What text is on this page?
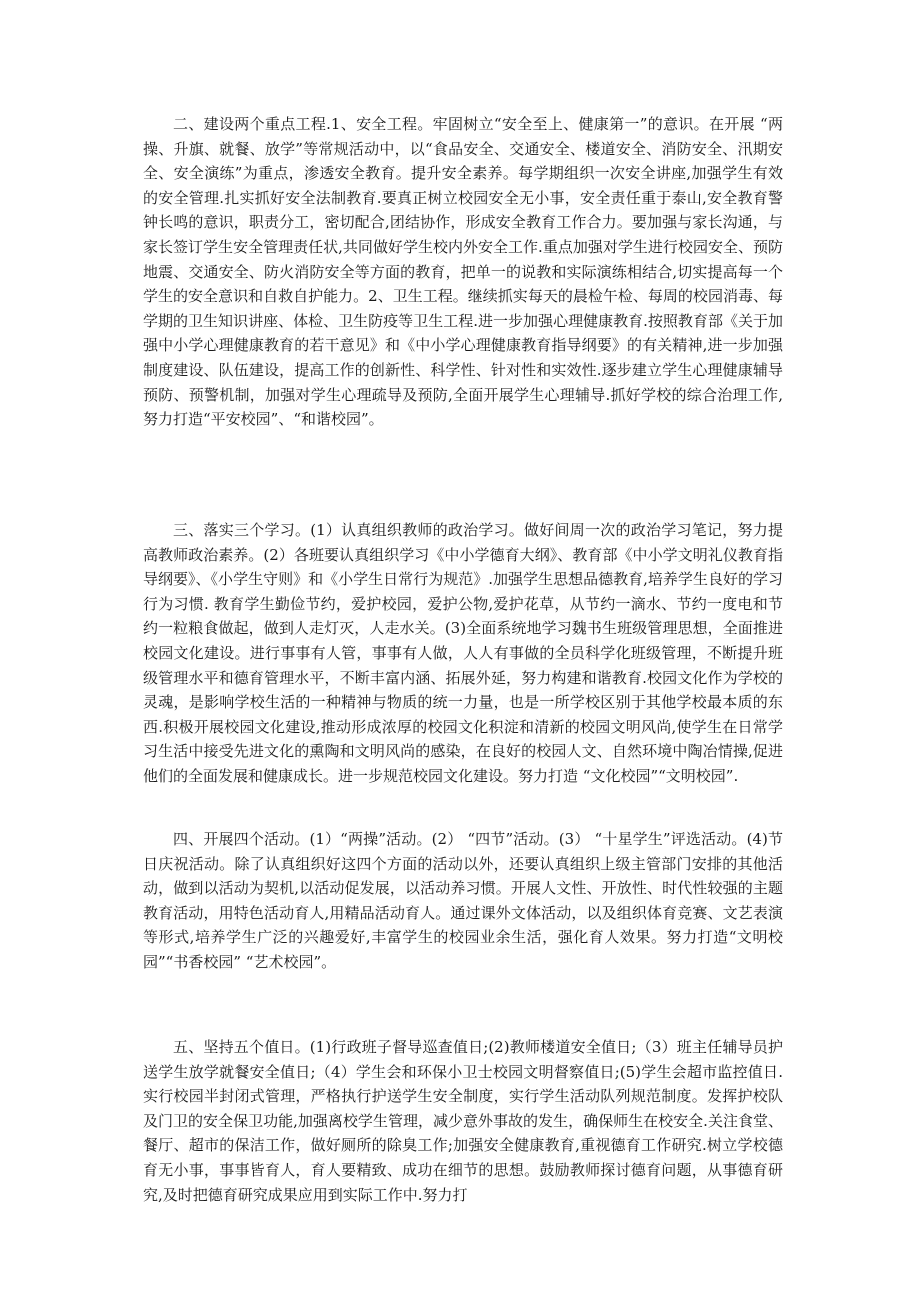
二、建设两个重点工程.1、安全工程。牢固树立“安全至上、健康第一”的意识。在开展 “两操、升旗、就餐、放学”等常规活动中，以“食品安全、交通安全、楼道安全、消防安全、汛期安全、安全演练”为重点，渗透安全教育。提升安全素养。每学期组织一次安全讲座,加强学生有效的安全管理.扎实抓好安全法制教育.要真正树立校园安全无小事，安全责任重于泰山,安全教育警钟长鸣的意识，职责分工，密切配合,团结协作，形成安全教育工作合力。要加强与家长沟通，与家长签订学生安全管理责任状,共同做好学生校内外安全工作.重点加强对学生进行校园安全、预防地震、交通安全、防火消防安全等方面的教育，把单一的说教和实际演练相结合,切实提高每一个学生的安全意识和自救自护能力。2、卫生工程。继续抓实每天的晨检午检、每周的校园消毒、每学期的卫生知识讲座、体检、卫生防疫等卫生工程.进一步加强心理健康教育.按照教育部《关于加强中小学心理健康教育的若干意见》和《中小学心理健康教育指导纲要》的有关精神,进一步加强制度建设、队伍建设，提高工作的创新性、科学性、针对性和实效性.逐步建立学生心理健康辅导预防、预警机制，加强对学生心理疏导及预防,全面开展学生心理辅导.抓好学校的综合治理工作,努力打造“平安校园”、“和谐校园”。

三、落实三个学习。(1）认真组织教师的政治学习。做好间周一次的政治学习笔记，努力提高教师政治素养。(2）各班要认真组织学习《中小学德育大纲》、教育部《中小学文明礼仪教育指导纲要》、《小学生守则》和《小学生日常行为规范》.加强学生思想品德教育,培养学生良好的学习行为习惯. 教育学生勤俭节约，爱护校园，爱护公物,爱护花草，从节约一滴水、节约一度电和节约一粒粮食做起，做到人走灯灭，人走水关。(3)全面系统地学习魏书生班级管理思想，全面推进校园文化建设。进行事事有人管，事事有人做，人人有事做的全员科学化班级管理，不断提升班级管理水平和德育管理水平，不断丰富内涵、拓展外延，努力构建和谐教育.校园文化作为学校的灵魂，是影响学校生活的一种精神与物质的统一力量，也是一所学校区别于其他学校最本质的东西.积极开展校园文化建设,推动形成浓厚的校园文化积淀和清新的校园文明风尚,使学生在日常学习生活中接受先进文化的熏陶和文明风尚的感染，在良好的校园人文、自然环境中陶冶情操,促进他们的全面发展和健康成长。进一步规范校园文化建设。努力打造 “文化校园”“文明校园”.

四、开展四个活动。(1）“两操”活动。(2） “四节”活动。(3） “十星学生”评选活动。(4)节日庆祝活动。除了认真组织好这四个方面的活动以外，还要认真组织上级主管部门安排的其他活动，做到以活动为契机,以活动促发展，以活动养习惯。开展人文性、开放性、时代性较强的主题教育活动，用特色活动育人,用精品活动育人。通过课外文体活动，以及组织体育竞赛、文艺表演等形式,培养学生广泛的兴趣爱好,丰富学生的校园业余生活，强化育人效果。努力打造“文明校园”“书香校园” “艺术校园”。

五、坚持五个值日。(1)行政班子督导巡查值日;(2)教师楼道安全值日;（3）班主任辅导员护送学生放学就餐安全值日;（4）学生会和环保小卫士校园文明督察值日;(5)学生会超市监控值日.实行校园半封闭式管理，严格执行护送学生安全制度，实行学生活动队列规范制度。发挥护校队及门卫的安全保卫功能,加强离校学生管理，减少意外事故的发生，确保师生在校安全.关注食堂、餐厅、超市的保洁工作，做好厕所的除臭工作;加强安全健康教育,重视德育工作研究.树立学校德育无小事，事事皆育人，育人要精致、成功在细节的思想。鼓励教师探讨德育问题，从事德育研究,及时把德育研究成果应用到实际工作中.努力打
